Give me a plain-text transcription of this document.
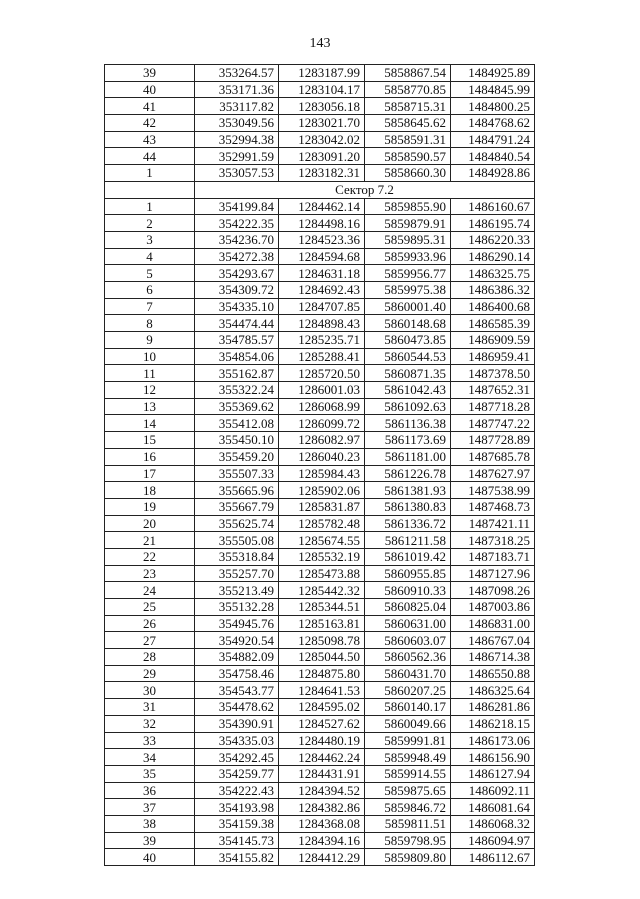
143
39	353264.57	1283187.99	5858867.54	1484925.89
40	353171.36	1283104.17	5858770.85	1484845.99
41	353117.82	1283056.18	5858715.31	1484800.25
42	353049.56	1283021.70	5858645.62	1484768.62
43	352994.38	1283042.02	5858591.31	1484791.24
44	352991.59	1283091.20	5858590.57	1484840.54
1	353057.53	1283182.31	5858660.30	1484928.86
	Сектор 7.2			
1	354199.84	1284462.14	5859855.90	1486160.67
2	354222.35	1284498.16	5859879.91	1486195.74
3	354236.70	1284523.36	5859895.31	1486220.33
4	354272.38	1284594.68	5859933.96	1486290.14
5	354293.67	1284631.18	5859956.77	1486325.75
6	354309.72	1284692.43	5859975.38	1486386.32
7	354335.10	1284707.85	5860001.40	1486400.68
8	354474.44	1284898.43	5860148.68	1486585.39
9	354785.57	1285235.71	5860473.85	1486909.59
10	354854.06	1285288.41	5860544.53	1486959.41
11	355162.87	1285720.50	5860871.35	1487378.50
12	355322.24	1286001.03	5861042.43	1487652.31
13	355369.62	1286068.99	5861092.63	1487718.28
14	355412.08	1286099.72	5861136.38	1487747.22
15	355450.10	1286082.97	5861173.69	1487728.89
16	355459.20	1286040.23	5861181.00	1487685.78
17	355507.33	1285984.43	5861226.78	1487627.97
18	355665.96	1285902.06	5861381.93	1487538.99
19	355667.79	1285831.87	5861380.83	1487468.73
20	355625.74	1285782.48	5861336.72	1487421.11
21	355505.08	1285674.55	5861211.58	1487318.25
22	355318.84	1285532.19	5861019.42	1487183.71
23	355257.70	1285473.88	5860955.85	1487127.96
24	355213.49	1285442.32	5860910.33	1487098.26
25	355132.28	1285344.51	5860825.04	1487003.86
26	354945.76	1285163.81	5860631.00	1486831.00
27	354920.54	1285098.78	5860603.07	1486767.04
28	354882.09	1285044.50	5860562.36	1486714.38
29	354758.46	1284875.80	5860431.70	1486550.88
30	354543.77	1284641.53	5860207.25	1486325.64
31	354478.62	1284595.02	5860140.17	1486281.86
32	354390.91	1284527.62	5860049.66	1486218.15
33	354335.03	1284480.19	5859991.81	1486173.06
34	354292.45	1284462.24	5859948.49	1486156.90
35	354259.77	1284431.91	5859914.55	1486127.94
36	354222.43	1284394.52	5859875.65	1486092.11
37	354193.98	1284382.86	5859846.72	1486081.64
38	354159.38	1284368.08	5859811.51	1486068.32
39	354145.73	1284394.16	5859798.95	1486094.97
40	354155.82	1284412.29	5859809.80	1486112.67
